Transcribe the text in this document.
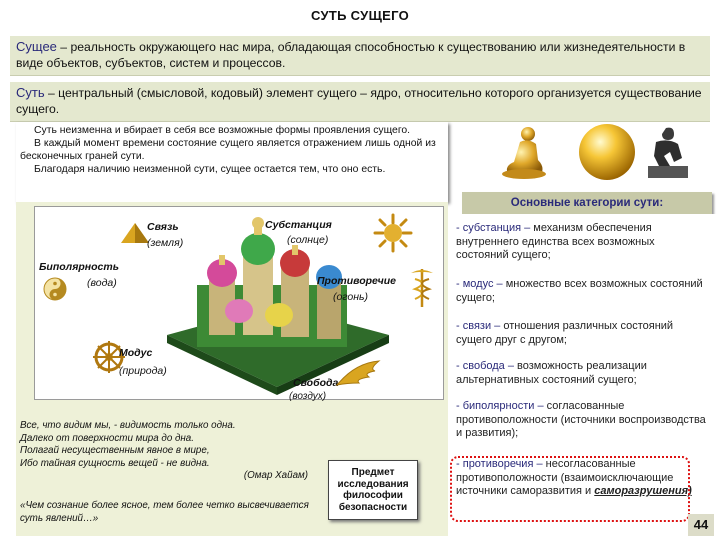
СУТЬ СУЩЕГО
Сущее – реальность окружающего нас мира, обладающая способностью к существованию или жизнедеятельности в виде объектов, субъектов, систем и процессов.
Суть – центральный (смысловой, кодовый) элемент сущего – ядро, относительно которого организуется существование сущего.

Суть неизменна и вбирает в себя все возможные формы проявления сущего.

В каждый момент времени состояние сущего является отражением лишь одной из бесконечных граней сути.

Благодаря наличию неизменной сути, сущее остается тем, что оно есть.

Связь
(земля)
Субстанция
(солнце)
Биполярность
(вода)	Противоречие
(огонь)
Модус
(природа)
Свобода
(воздух)
Все, что видим мы, - видимость только одна.
Далеко от поверхности мира до дна.
Полагай несущественным явное в мире,
Ибо тайная сущность вещей - не видна.
(Омар Хайам)
«Чем сознание более ясное, тем более четко высвечивается суть явлений…»
Предмет исследования философии безопасности
Основные категории сути:
- субстанция – механизм обеспечения внутреннего единства всех возможных состояний сущего;
- модус – множество всех возможных состояний сущего;
- связи – отношения различных состояний сущего друг с другом;
- свобода – возможность реализации альтернативных состояний сущего;
- биполярности – согласованные противоположности (источники воспроизводства и развития);
- противоречия – несогласованные противоположности (взаимоисключающие источники саморазвития и саморазрушения)
44
